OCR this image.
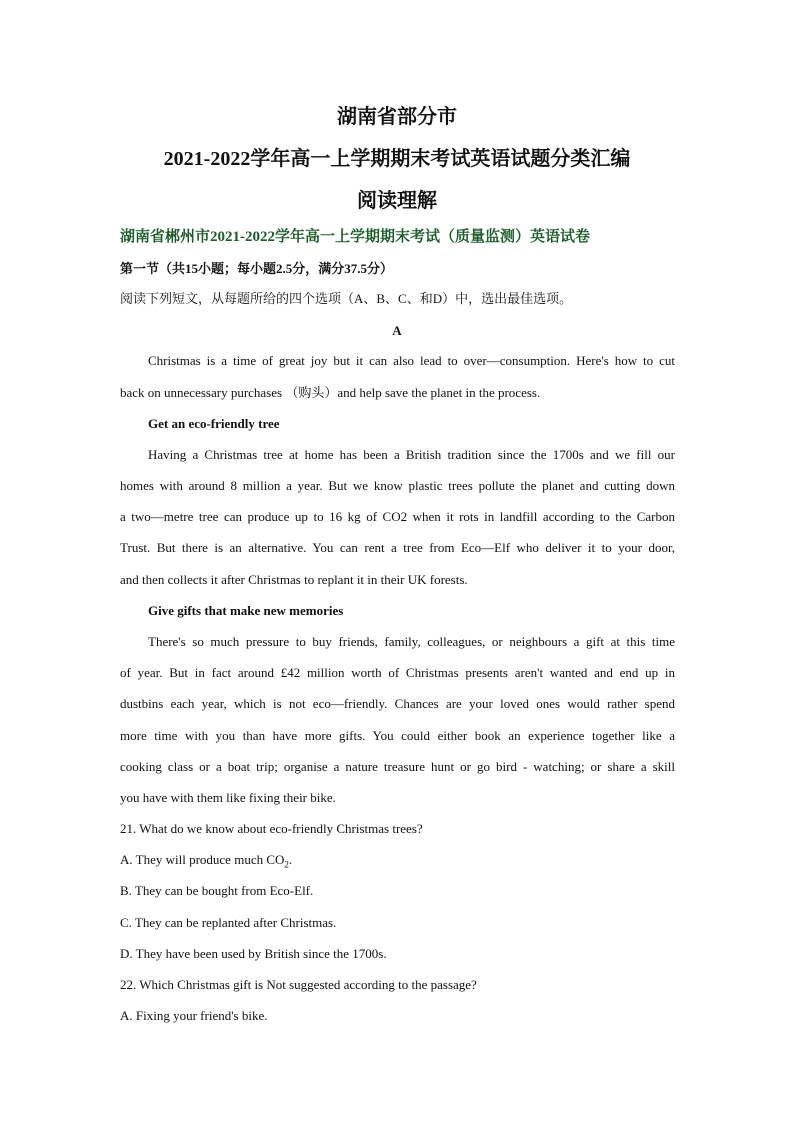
湖南省部分市
2021-2022学年高一上学期期末考试英语试题分类汇编
阅读理解
湖南省郴州市2021-2022学年高一上学期期末考试（质量监测）英语试卷
第一节（共15小题；每小题2.5分，满分37.5分）
阅读下列短文，从每题所给的四个选项（A、B、C、和D）中，选出最佳选项。
A
Christmas is a time of great joy but it can also lead to over—consumption. Here's how to cut
back on unnecessary purchases （购头）and help save the planet in the process.
Get an eco-friendly tree
Having a Christmas tree at home has been a British tradition since the 1700s and we fill our
homes with around 8 million a year. But we know plastic trees pollute the planet and cutting down
a two—metre tree can produce up to 16 kg of CO2 when it rots in landfill according to the Carbon
Trust. But there is an alternative. You can rent a tree from Eco—Elf who deliver it to your door,
and then collects it after Christmas to replant it in their UK forests.
Give gifts that make new memories
There's so much pressure to buy friends, family, colleagues, or neighbours a gift at this time
of year. But in fact around £42 million worth of Christmas presents aren't wanted and end up in
dustbins each year, which is not eco—friendly. Chances are your loved ones would rather spend
more time with you than have more gifts. You could either book an experience together like a
cooking class or a boat trip; organise a nature treasure hunt or go bird - watching; or share a skill
you have with them like fixing their bike.
21. What do we know about eco-friendly Christmas trees?
A. They will produce much $CO_2$.
B. They can be bought from Eco-Elf.
C. They can be replanted after Christmas.
D. They have been used by British since the 1700s.
22. Which Christmas gift is Not suggested according to the passage?
A. Fixing your friend's bike.
